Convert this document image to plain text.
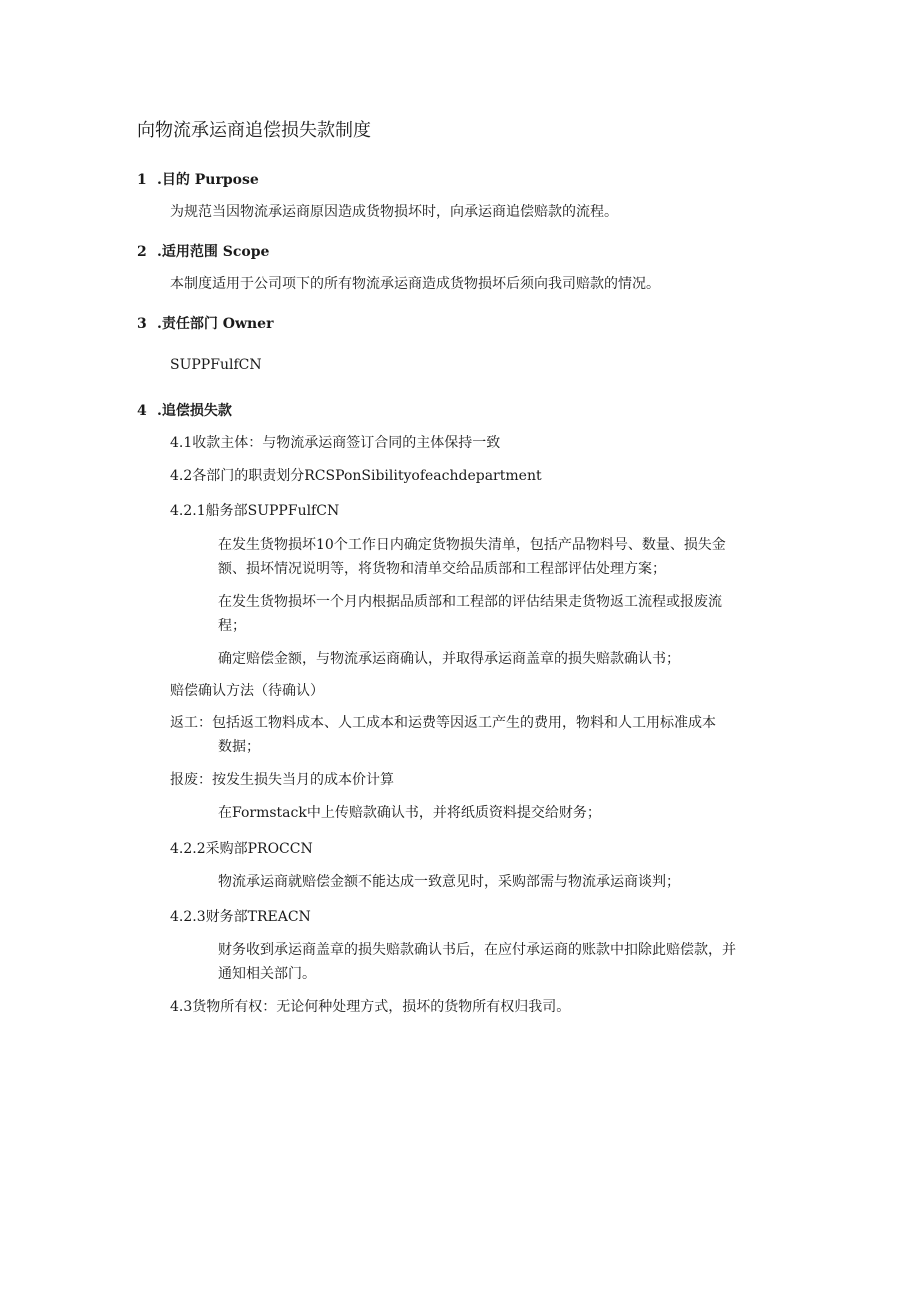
向物流承运商追偿损失款制度
1 .目的 Purpose
为规范当因物流承运商原因造成货物损坏时，向承运商追偿赔款的流程。
2 .适用范围 Scope
本制度适用于公司项下的所有物流承运商造成货物损坏后须向我司赔款的情况。
3 .责任部门 Owner
SUPPFulfCN
4 .追偿损失款
4.1收款主体：与物流承运商签订合同的主体保持一致
4.2各部门的职责划分RCSPonSibilityofeachdepartment
4.2.1船务部SUPPFulfCN
在发生货物损坏10个工作日内确定货物损失清单，包括产品物料号、数量、损失金
额、损坏情况说明等，将货物和清单交给品质部和工程部评估处理方案；
在发生货物损坏一个月内根据品质部和工程部的评估结果走货物返工流程或报废流
程；
确定赔偿金额，与物流承运商确认，并取得承运商盖章的损失赔款确认书；
赔偿确认方法（待确认）
返工：包括返工物料成本、人工成本和运费等因返工产生的费用，物料和人工用标准成本
数据；
报废：按发生损失当月的成本价计算
在Formstack中上传赔款确认书，并将纸质资料提交给财务；
4.2.2采购部PROCCN
物流承运商就赔偿金额不能达成一致意见时，采购部需与物流承运商谈判；
4.2.3财务部TREACN
财务收到承运商盖章的损失赔款确认书后，在应付承运商的账款中扣除此赔偿款，并
通知相关部门。
4.3货物所有权：无论何种处理方式，损坏的货物所有权归我司。
